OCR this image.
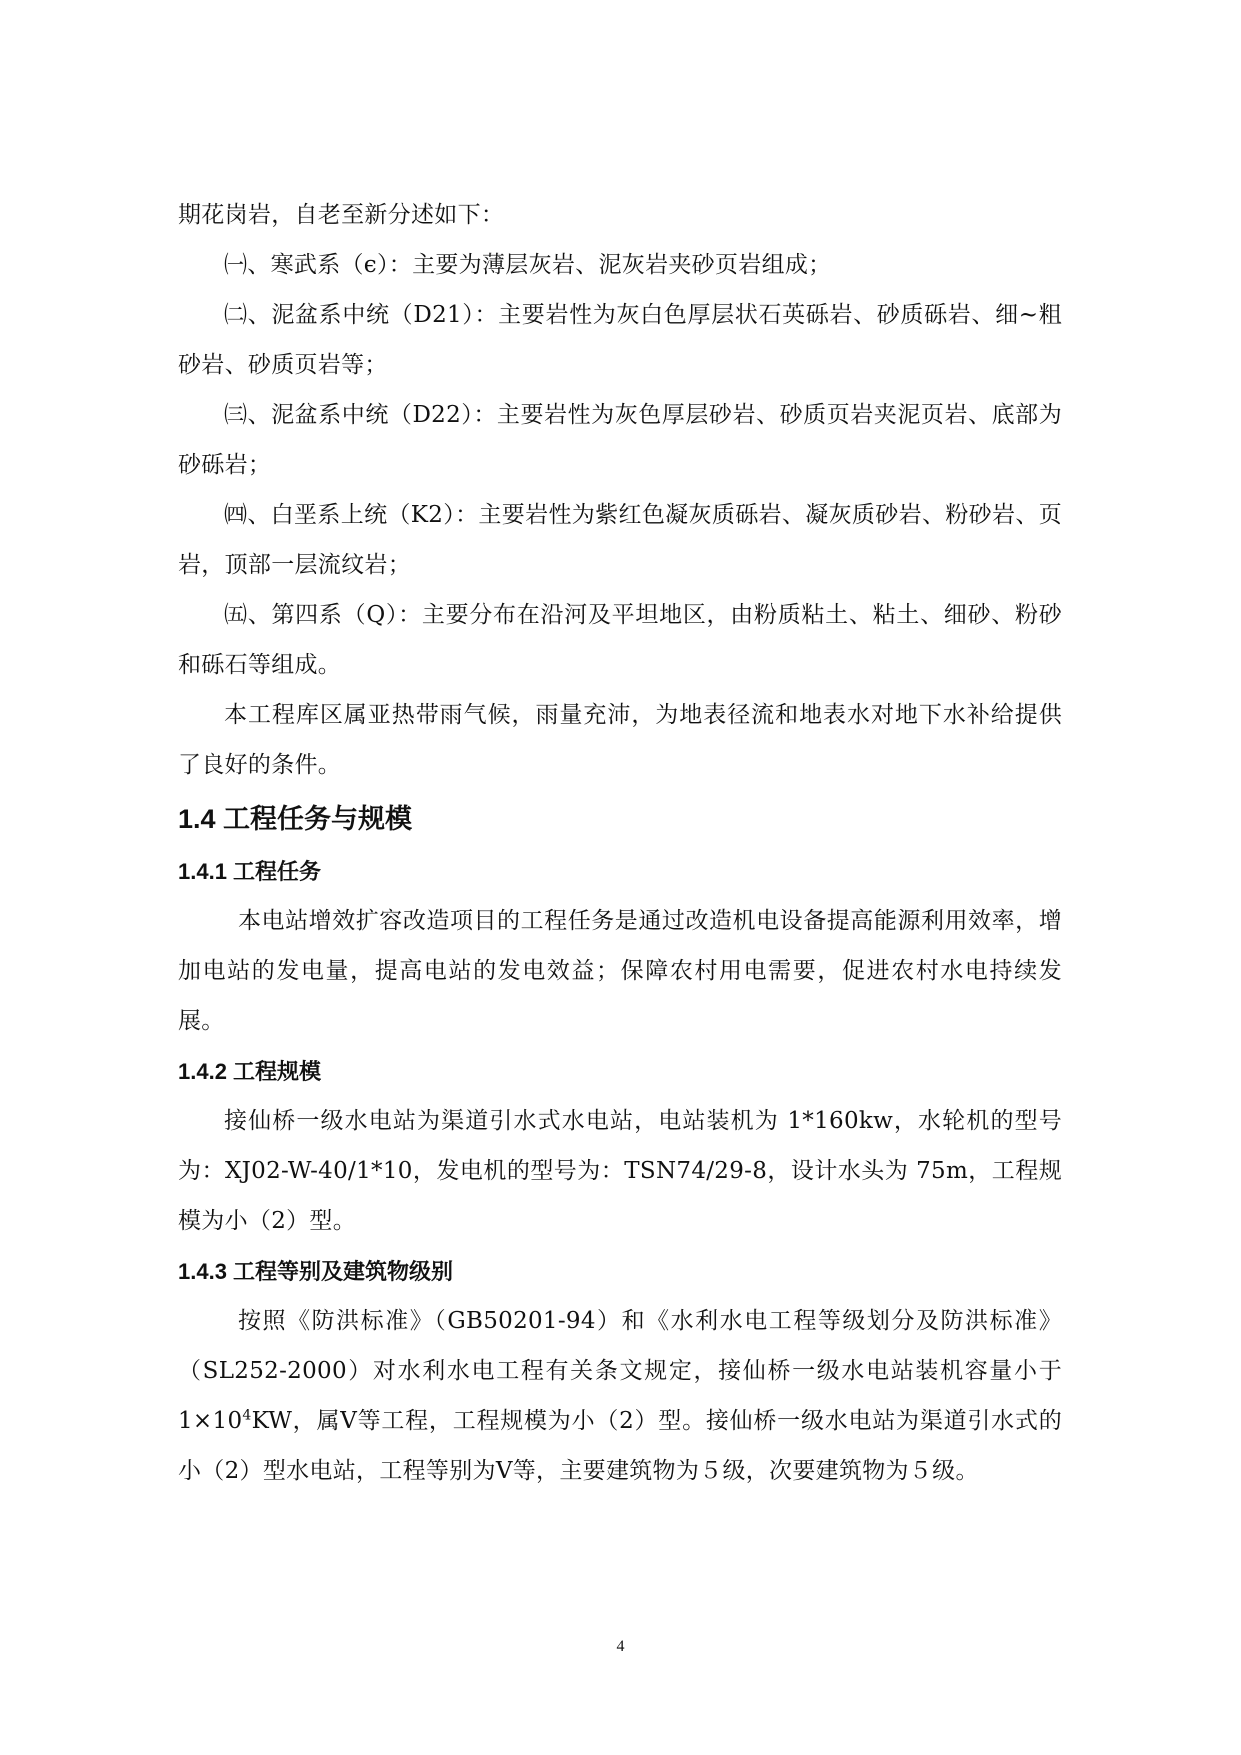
期花岗岩，自老至新分述如下：

㈠、寒武系（ϵ）：主要为薄层灰岩、泥灰岩夹砂页岩组成；

㈡、泥盆系中统（D21）：主要岩性为灰白色厚层状石英砾岩、砂质砾岩、细~粗砂岩、砂质页岩等；

㈢、泥盆系中统（D22）：主要岩性为灰色厚层砂岩、砂质页岩夹泥页岩、底部为砂砾岩；

㈣、白垩系上统（K2）：主要岩性为紫红色凝灰质砾岩、凝灰质砂岩、粉砂岩、页岩，顶部一层流纹岩；

㈤、第四系（Q）：主要分布在沿河及平坦地区，由粉质粘土、粘土、细砂、粉砂和砾石等组成。

本工程库区属亚热带雨气候，雨量充沛，为地表径流和地表水对地下水补给提供了良好的条件。

1.4 工程任务与规模
1.4.1 工程任务

本电站增效扩容改造项目的工程任务是通过改造机电设备提高能源利用效率，增加电站的发电量，提高电站的发电效益；保障农村用电需要，促进农村水电持续发展。

1.4.2 工程规模

接仙桥一级水电站为渠道引水式水电站，电站装机为 1*160kw，水轮机的型号为：XJ02-W-40/1*10，发电机的型号为：TSN74/29-8，设计水头为 75m，工程规模为小（2）型。

1.4.3 工程等别及建筑物级别

按照《防洪标准》（GB50201-94）和《水利水电工程等级划分及防洪标准》（SL252-2000）对水利水电工程有关条文规定，接仙桥一级水电站装机容量小于 $1\times 10^4KW$，属Ⅴ等工程，工程规模为小（2）型。接仙桥一级水电站为渠道引水式的小（2）型水电站，工程等别为Ⅴ等，主要建筑物为５级，次要建筑物为５级。

4
